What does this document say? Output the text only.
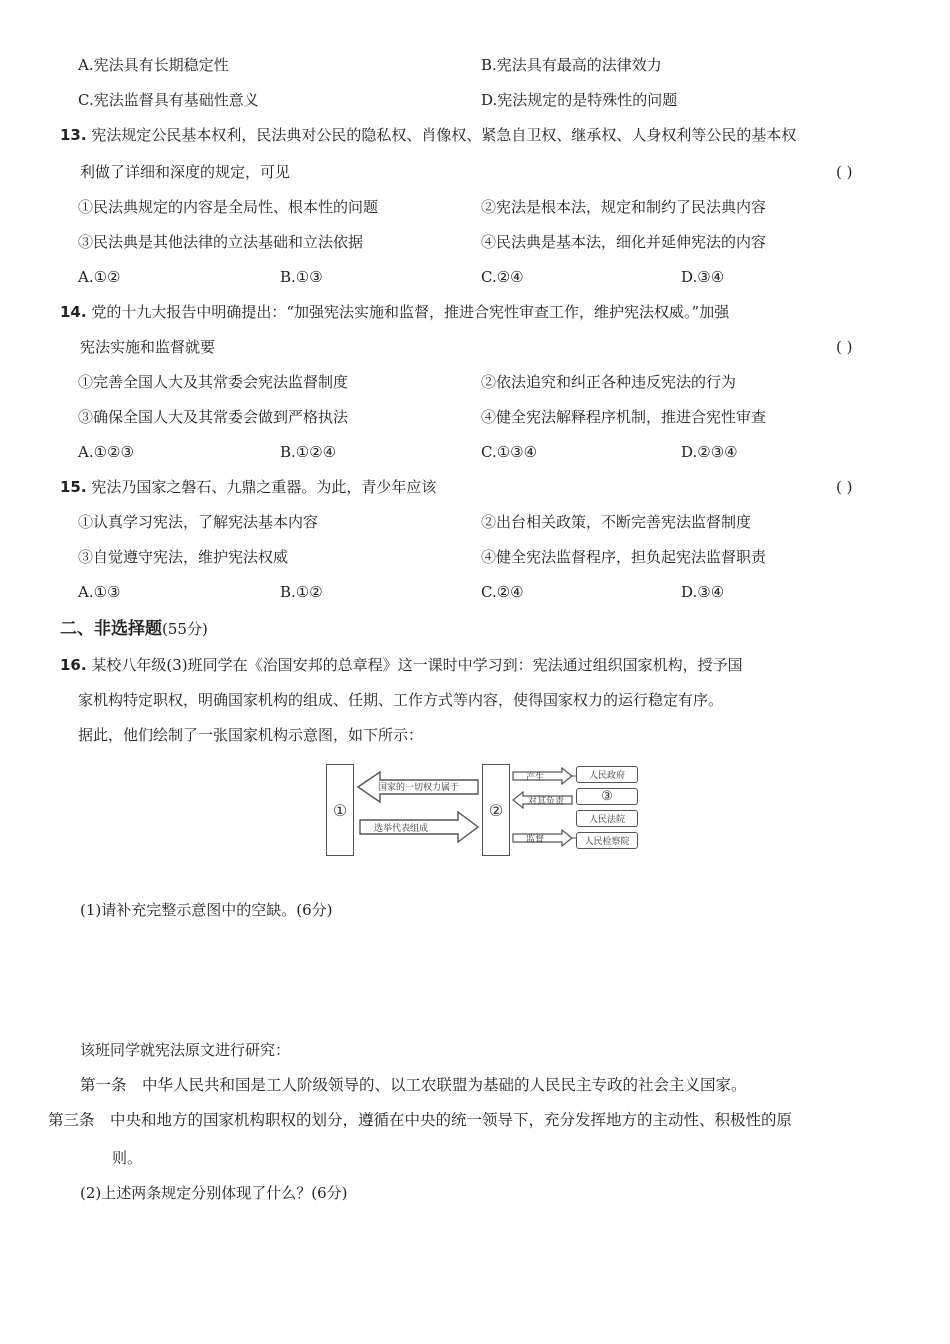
A.宪法具有长期稳定性	B.宪法具有最高的法律效力
C.宪法监督具有基础性意义	D.宪法规定的是特殊性的问题
13. 宪法规定公民基本权利，民法典对公民的隐私权、肖像权、紧急自卫权、继承权、人身权利等公民的基本权
利做了详细和深度的规定，可见	( )
①民法典规定的内容是全局性、根本性的问题	②宪法是根本法，规定和制约了民法典内容
③民法典是其他法律的立法基础和立法依据	④民法典是基本法，细化并延伸宪法的内容
A.①②	B.①③	C.②④	D.③④
14. 党的十九大报告中明确提出：“加强宪法实施和监督，推进合宪性审查工作，维护宪法权威。”加强
宪法实施和监督就要	( )
①完善全国人大及其常委会宪法监督制度	②依法追究和纠正各种违反宪法的行为
③确保全国人大及其常委会做到严格执法	④健全宪法解释程序机制，推进合宪性审查
A.①②③	B.①②④	C.①③④	D.②③④
15. 宪法乃国家之磐石、九鼎之重器。为此，青少年应该	( )
①认真学习宪法，了解宪法基本内容	②出台相关政策，不断完善宪法监督制度
③自觉遵守宪法，维护宪法权威	④健全宪法监督程序，担负起宪法监督职责
A.①③	B.①②	C.②④	D.③④
二、非选择题(55分)
16. 某校八年级(3)班同学在《治国安邦的总章程》这一课时中学习到：宪法通过组织国家机构，授予国
家机构特定职权，明确国家机构的组成、任期、工作方式等内容，使得国家权力的运行稳定有序。
据此，他们绘制了一张国家机构示意图，如下所示：
①	②
国家的一切权力属于
选举代表组成
产生
对其负责
监督
人民政府
③
人民法院
人民检察院
(1)请补充完整示意图中的空缺。(6分)
该班同学就宪法原文进行研究：
第一条　中华人民共和国是工人阶级领导的、以工农联盟为基础的人民民主专政的社会主义国家。
第三条　中央和地方的国家机构职权的划分，遵循在中央的统一领导下，充分发挥地方的主动性、积极性的原
则。
(2)上述两条规定分别体现了什么？(6分)
